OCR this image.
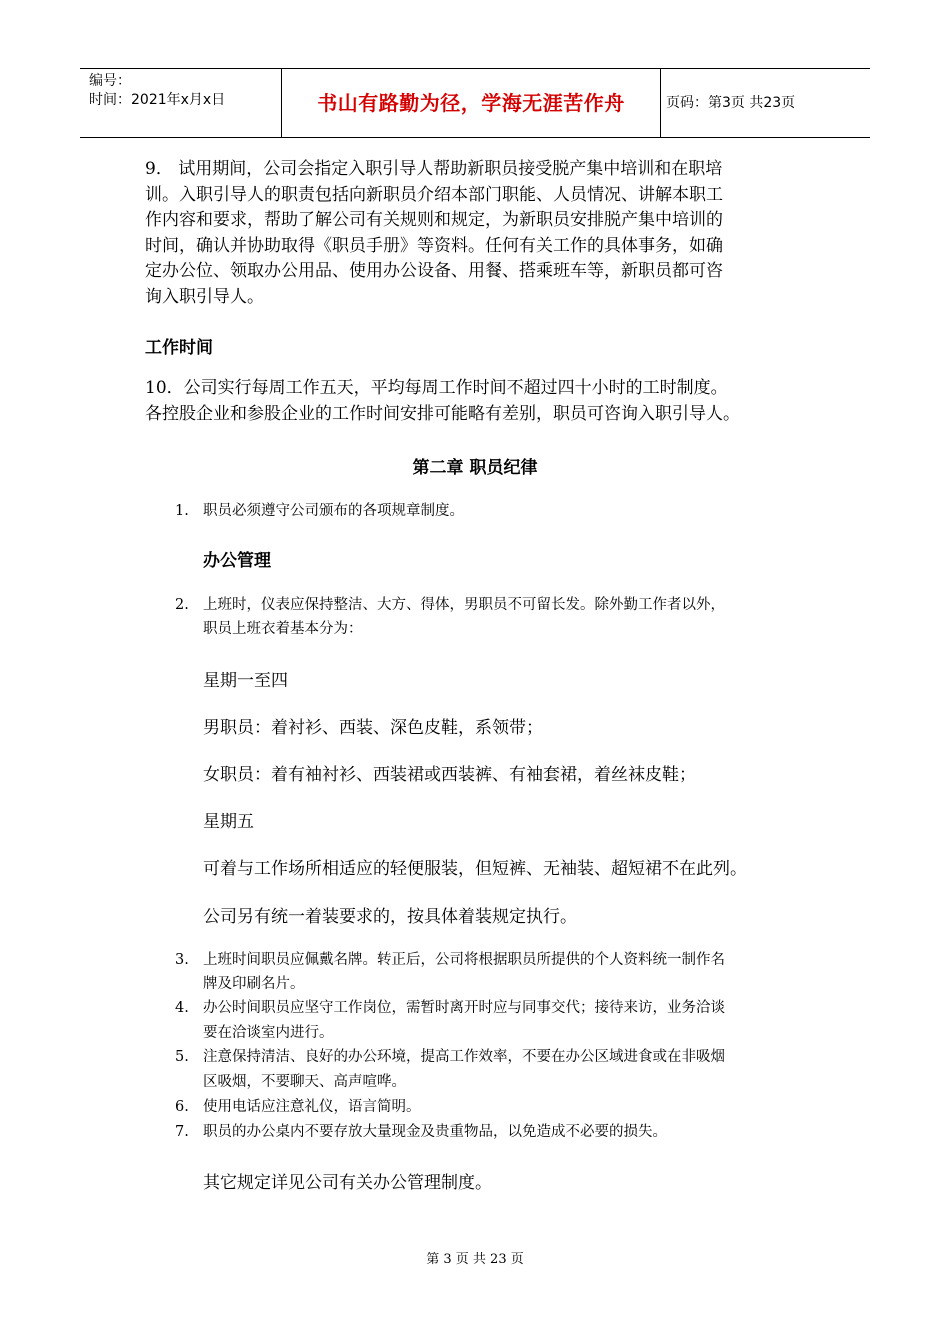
编号：
时间：2021年x月x日	书山有路勤为径，学海无涯苦作舟	页码：第3页 共23页
9． 试用期间，公司会指定入职引导人帮助新职员接受脱产集中培训和在职培
训。入职引导人的职责包括向新职员介绍本部门职能、人员情况、讲解本职工
作内容和要求，帮助了解公司有关规则和规定，为新职员安排脱产集中培训的
时间，确认并协助取得《职员手册》等资料。任何有关工作的具体事务，如确
定办公位、领取办公用品、使用办公设备、用餐、搭乘班车等，新职员都可咨
询入职引导人。
工作时间
10．公司实行每周工作五天，平均每周工作时间不超过四十小时的工时制度。
各控股企业和参股企业的工作时间安排可能略有差别，职员可咨询入职引导人。
第二章 职员纪律
1. 职员必须遵守公司颁布的各项规章制度。
办公管理
2. 上班时，仪表应保持整洁、大方、得体，男职员不可留长发。除外勤工作者以外，
职员上班衣着基本分为：
星期一至四
男职员：着衬衫、西装、深色皮鞋，系领带；
女职员：着有袖衬衫、西装裙或西装裤、有袖套裙，着丝袜皮鞋；
星期五
可着与工作场所相适应的轻便服装，但短裤、无袖装、超短裙不在此列。
公司另有统一着装要求的，按具体着装规定执行。
3. 上班时间职员应佩戴名牌。转正后，公司将根据职员所提供的个人资料统一制作名
牌及印刷名片。
4. 办公时间职员应坚守工作岗位，需暂时离开时应与同事交代；接待来访，业务洽谈
要在洽谈室内进行。
5. 注意保持清洁、良好的办公环境，提高工作效率，不要在办公区域进食或在非吸烟
区吸烟，不要聊天、高声喧哗。
6. 使用电话应注意礼仪，语言简明。
7. 职员的办公桌内不要存放大量现金及贵重物品，以免造成不必要的损失。
其它规定详见公司有关办公管理制度。
第 3 页 共 23 页
